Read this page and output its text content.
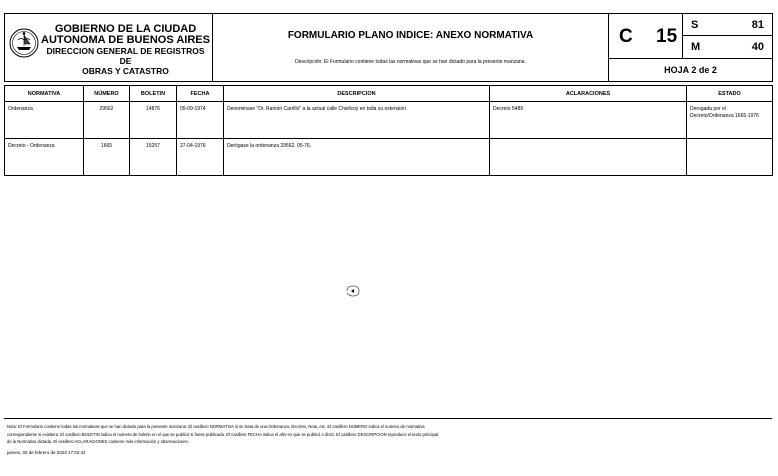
GOBIERNO DE LA CIUDAD
AUTONOMA DE BUENOS AIRES
DIRECCION GENERAL DE REGISTROS DE
OBRAS Y CATASTRO

FORMULARIO PLANO INDICE: ANEXO NORMATIVA
Descripción: El Formulario contiene todas las normativas que se han dictado para la presente manzana.

C 15

S	81

M	40

HOJA 2 de 2
NORMATIVA	NÚMERO	BOLETIN	FECHA	DESCRIPCION	ACLARACIONES	ESTADO
Ordenanza	29562	14876	05-09-1974	Denominase "Dr. Ramón Carrillo" a la actual calle Chivilcoy en toda su extensión.	Decreto 5489	Derogada por el Decreto/Ordenanza 1665-1976
Decreto - Ordenanza	1665	15257	27-04-1976	Derógase la ordenanza 29562. 05-76.		
Nota: El Formulario contiene todas las normativas que se han dictado para la presente manzana. El casillero NORMATIVA si se trata de una Ordenanza, Decreto, Nota, etc. El casillero NÚMERO indica el numero de normativa
correspondiente si existiera. El casillero BOLETIN indica el numero de boletin en el que se publicó si fuese publicada. El casillero FECHA indica el año en que se publicó o dictó. El casillero DESCRIPCION reproduce el texto principal
de la Normativa dictada. El casillero ACLARACIONES contiene más información y observaciones.
jueves, 02 de febrero de 2023 17:02:34
